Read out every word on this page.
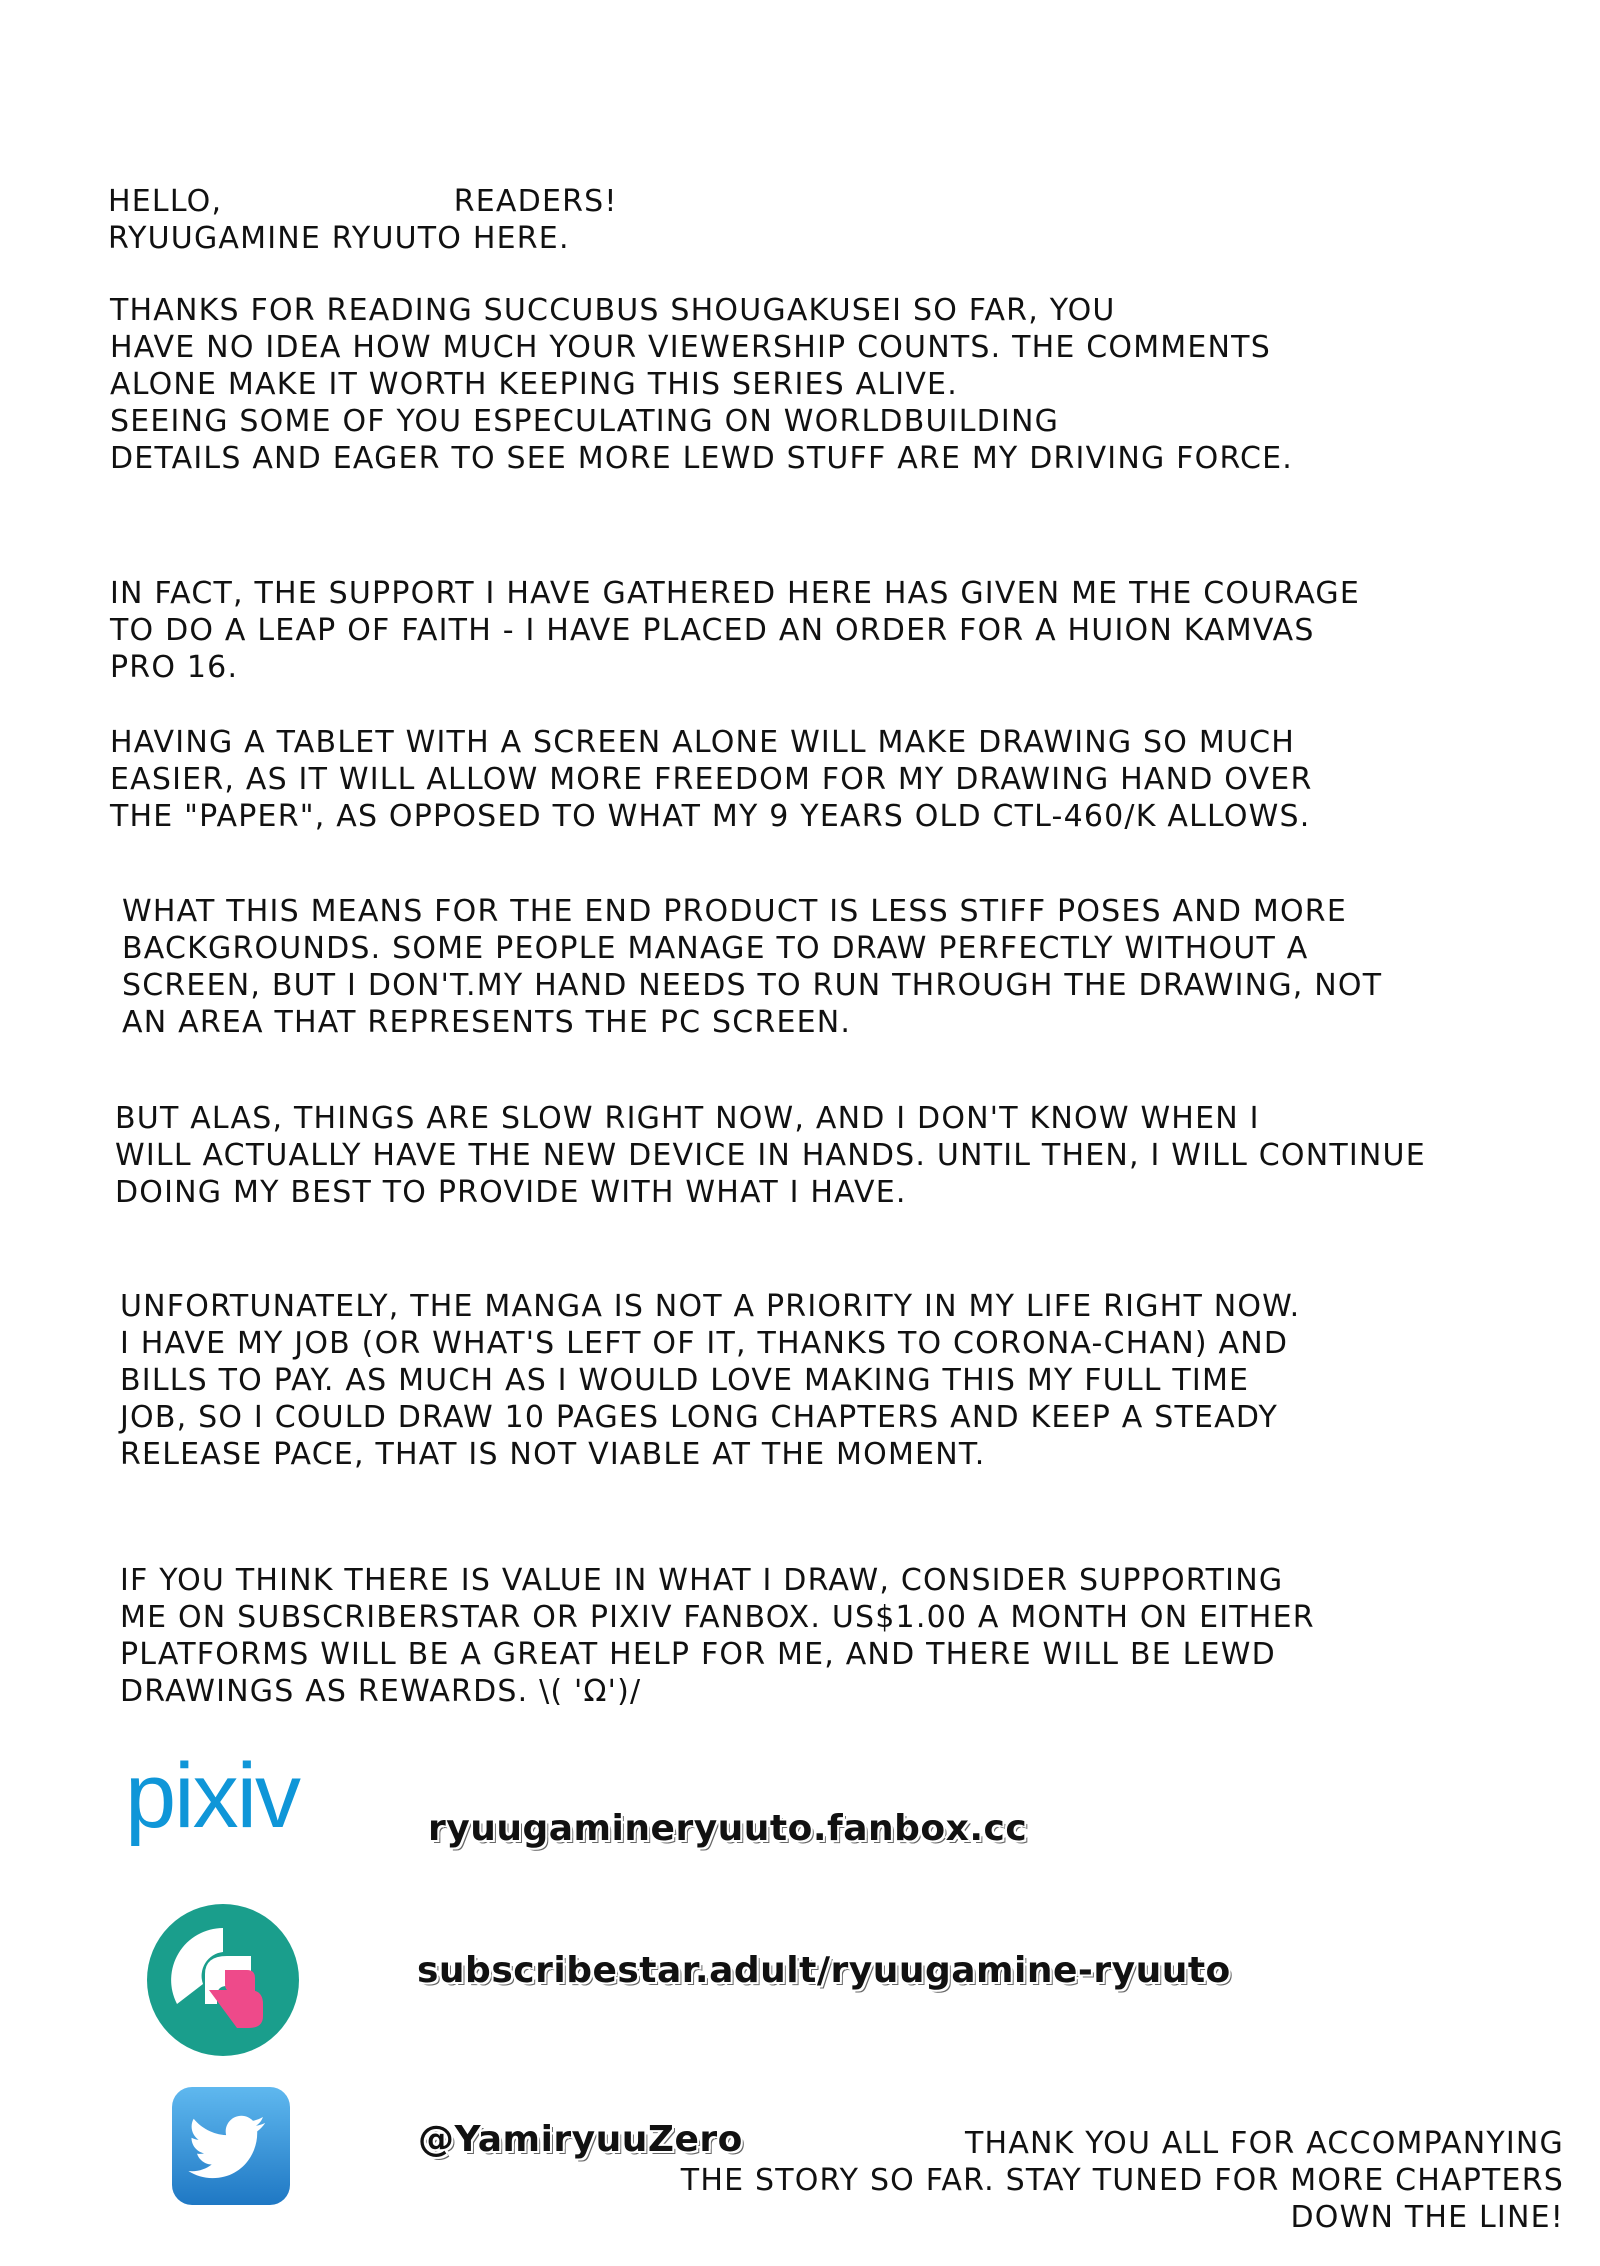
HELLO,	READERS!
RYUUGAMINE RYUUTO HERE.
THANKS FOR READING SUCCUBUS SHOUGAKUSEI SO FAR, YOU
HAVE NO IDEA HOW MUCH YOUR VIEWERSHIP COUNTS. THE COMMENTS
ALONE MAKE IT WORTH KEEPING THIS SERIES ALIVE.
SEEING SOME OF YOU ESPECULATING ON WORLDBUILDING
DETAILS AND EAGER TO SEE MORE LEWD STUFF ARE MY DRIVING FORCE.
IN FACT, THE SUPPORT I HAVE GATHERED HERE HAS GIVEN ME THE COURAGE
TO DO A LEAP OF FAITH - I HAVE PLACED AN ORDER FOR A HUION KAMVAS
PRO 16.
HAVING A TABLET WITH A SCREEN ALONE WILL MAKE DRAWING SO MUCH
EASIER, AS IT WILL ALLOW MORE FREEDOM FOR MY DRAWING HAND OVER
THE "PAPER", AS OPPOSED TO WHAT MY 9 YEARS OLD CTL-460/K ALLOWS.
WHAT THIS MEANS FOR THE END PRODUCT IS LESS STIFF POSES AND MORE
BACKGROUNDS. SOME PEOPLE MANAGE TO DRAW PERFECTLY WITHOUT A
SCREEN, BUT I DON'T.MY HAND NEEDS TO RUN THROUGH THE DRAWING, NOT
AN AREA THAT REPRESENTS THE PC SCREEN.
BUT ALAS, THINGS ARE SLOW RIGHT NOW, AND I DON'T KNOW WHEN I
WILL ACTUALLY HAVE THE NEW DEVICE IN HANDS. UNTIL THEN, I WILL CONTINUE
DOING MY BEST TO PROVIDE WITH WHAT I HAVE.
UNFORTUNATELY, THE MANGA IS NOT A PRIORITY IN MY LIFE RIGHT NOW.
I HAVE MY JOB (OR WHAT'S LEFT OF IT, THANKS TO CORONA-CHAN) AND
BILLS TO PAY. AS MUCH AS I WOULD LOVE MAKING THIS MY FULL TIME
JOB, SO I COULD DRAW 10 PAGES LONG CHAPTERS AND KEEP A STEADY
RELEASE PACE, THAT IS NOT VIABLE AT THE MOMENT.
IF YOU THINK THERE IS VALUE IN WHAT I DRAW, CONSIDER SUPPORTING
ME ON SUBSCRIBERSTAR OR PIXIV FANBOX. US$1.00 A MONTH ON EITHER
PLATFORMS WILL BE A GREAT HELP FOR ME, AND THERE WILL BE LEWD
DRAWINGS AS REWARDS. \( 'Ω')/
pixiv	ryuugamineryuuto.fanbox.cc
subscribestar.adult/ryuugamine-ryuuto
@YamiryuuZero	THANK YOU ALL FOR ACCOMPANYING
THE STORY SO FAR. STAY TUNED FOR MORE CHAPTERS
DOWN THE LINE!
